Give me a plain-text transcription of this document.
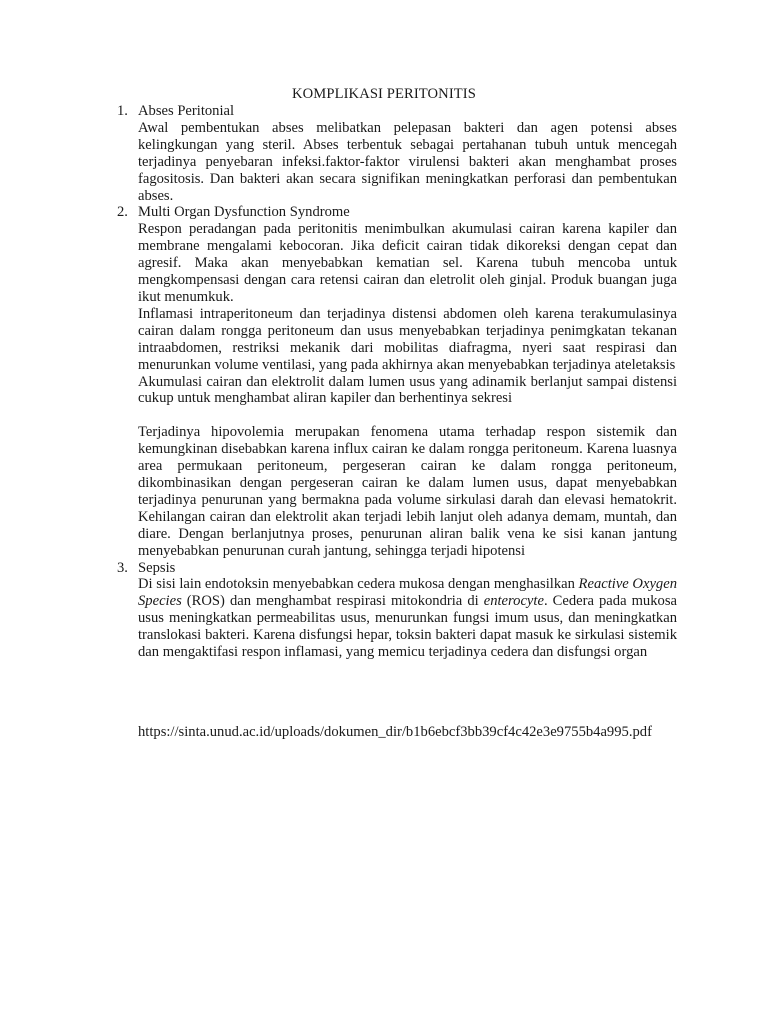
KOMPLIKASI PERITONITIS
1. Abses Peritonial

Awal pembentukan abses melibatkan pelepasan bakteri dan agen potensi abses kelingkungan yang steril. Abses terbentuk sebagai pertahanan tubuh untuk mencegah terjadinya penyebaran infeksi.faktor-faktor virulensi bakteri akan menghambat proses fagositosis. Dan bakteri akan secara signifikan meningkatkan perforasi dan pembentukan abses.

2. Multi Organ Dysfunction Syndrome

Respon peradangan pada peritonitis menimbulkan akumulasi cairan karena kapiler dan membrane mengalami kebocoran. Jika deficit cairan tidak dikoreksi dengan cepat dan agresif. Maka akan menyebabkan kematian sel. Karena tubuh mencoba untuk mengkompensasi dengan cara retensi cairan dan eletrolit oleh ginjal. Produk buangan juga ikut menumkuk.

Inflamasi intraperitoneum dan terjadinya distensi abdomen oleh karena terakumulasinya cairan dalam rongga peritoneum dan usus menyebabkan terjadinya penimgkatan tekanan intraabdomen, restriksi mekanik dari mobilitas diafragma, nyeri saat respirasi dan menurunkan volume ventilasi, yang pada akhirnya akan menyebabkan terjadinya ateletaksis

Akumulasi cairan dan elektrolit dalam lumen usus yang adinamik berlanjut sampai distensi cukup untuk menghambat aliran kapiler dan berhentinya sekresi

Terjadinya hipovolemia merupakan fenomena utama terhadap respon sistemik dan kemungkinan disebabkan karena influx cairan ke dalam rongga peritoneum. Karena luasnya area permukaan peritoneum, pergeseran cairan ke dalam rongga peritoneum, dikombinasikan dengan pergeseran cairan ke dalam lumen usus, dapat menyebabkan terjadinya penurunan yang bermakna pada volume sirkulasi darah dan elevasi hematokrit. Kehilangan cairan dan elektrolit akan terjadi lebih lanjut oleh adanya demam, muntah, dan diare. Dengan berlanjutnya proses, penurunan aliran balik vena ke sisi kanan jantung menyebabkan penurunan curah jantung, sehingga terjadi hipotensi

3. Sepsis

Di sisi lain endotoksin menyebabkan cedera mukosa dengan menghasilkan Reactive Oxygen Species (ROS) dan menghambat respirasi mitokondria di enterocyte. Cedera pada mukosa usus meningkatkan permeabilitas usus, menurunkan fungsi imum usus, dan meningkatkan translokasi bakteri. Karena disfungsi hepar, toksin bakteri dapat masuk ke sirkulasi sistemik dan mengaktifasi respon inflamasi, yang memicu terjadinya cedera dan disfungsi organ

https://sinta.unud.ac.id/uploads/dokumen_dir/b1b6ebcf3bb39cf4c42e3e9755b4a995.pdf
